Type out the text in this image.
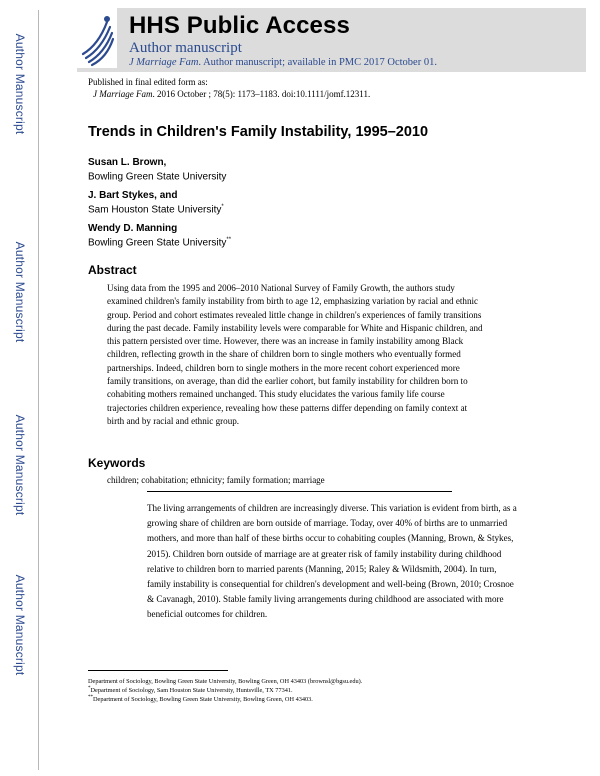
Author Manuscript
Author Manuscript
Author Manuscript
Author Manuscript
HHS Public Access
Author manuscript
J Marriage Fam. Author manuscript; available in PMC 2017 October 01.
Published in final edited form as:
J Marriage Fam. 2016 October ; 78(5): 1173–1183. doi:10.1111/jomf.12311.
Trends in Children's Family Instability, 1995–2010
Susan L. Brown,
Bowling Green State University
J. Bart Stykes, and
Sam Houston State University*
Wendy D. Manning
Bowling Green State University**
Abstract

Using data from the 1995 and 2006–2010 National Survey of Family Growth, the authors study examined children's family instability from birth to age 12, emphasizing variation by racial and ethnic group. Period and cohort estimates revealed little change in children's experiences of family transitions during the past decade. Family instability levels were comparable for White and Hispanic children, and this pattern persisted over time. However, there was an increase in family instability among Black children, reflecting growth in the share of children born to single mothers who eventually formed partnerships. Indeed, children born to single mothers in the more recent cohort experienced more family transitions, on average, than did the earlier cohort, but family instability for children born to cohabiting mothers remained unchanged. This study elucidates the various family life course trajectories children experience, revealing how these patterns differ depending on family context at birth and by racial and ethnic group.

Keywords
children; cohabitation; ethnicity; family formation; marriage

The living arrangements of children are increasingly diverse. This variation is evident from birth, as a growing share of children are born outside of marriage. Today, over 40% of births are to unmarried mothers, and more than half of these births occur to cohabiting couples (Manning, Brown, & Stykes, 2015). Children born outside of marriage are at greater risk of family instability during childhood relative to children born to married parents (Manning, 2015; Raley & Wildsmith, 2004). In turn, family instability is consequential for children's development and well-being (Brown, 2010; Crosnoe & Cavanagh, 2010). Stable family living arrangements during childhood are associated with more beneficial outcomes for children.

Department of Sociology, Bowling Green State University, Bowling Green, OH 43403 (brownsl@bgsu.edu).
*Department of Sociology, Sam Houston State University, Huntsville, TX 77341.
**Department of Sociology, Bowling Green State University, Bowling Green, OH 43403.
